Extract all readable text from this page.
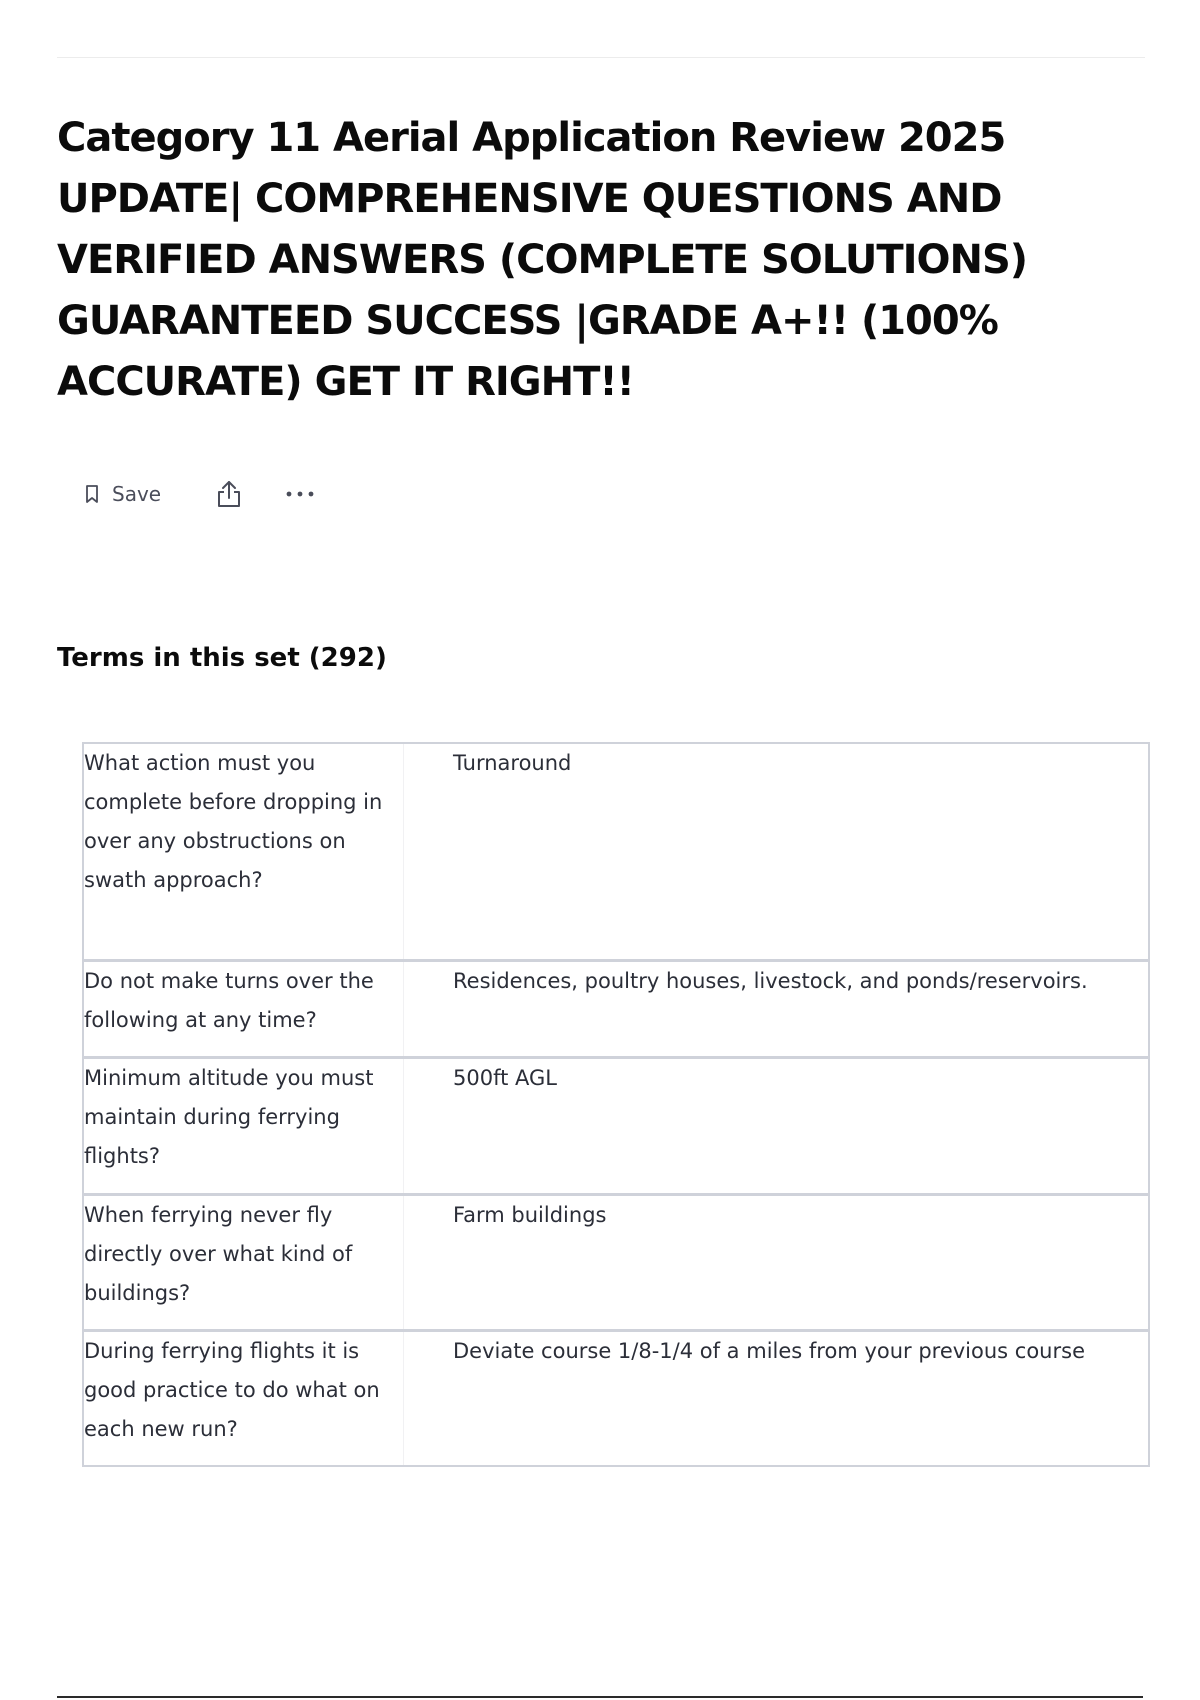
Category 11 Aerial Application Review 2025 UPDATE| COMPREHENSIVE QUESTIONS AND VERIFIED ANSWERS (COMPLETE SOLUTIONS) GUARANTEED SUCCESS |GRADE A+!! (100% ACCURATE) GET IT RIGHT!!
Save
Terms in this set (292)

What action must you complete before dropping in over any obstructions on swath approach?

Turnaround

Do not make turns over the following at any time?

Residences, poultry houses, livestock, and ponds/reservoirs.

Minimum altitude you must maintain during ferrying flights?

500ft AGL

When ferrying never fly directly over what kind of buildings?

Farm buildings

During ferrying flights it is good practice to do what on each new run?

Deviate course 1/8-1/4 of a miles from your previous course
